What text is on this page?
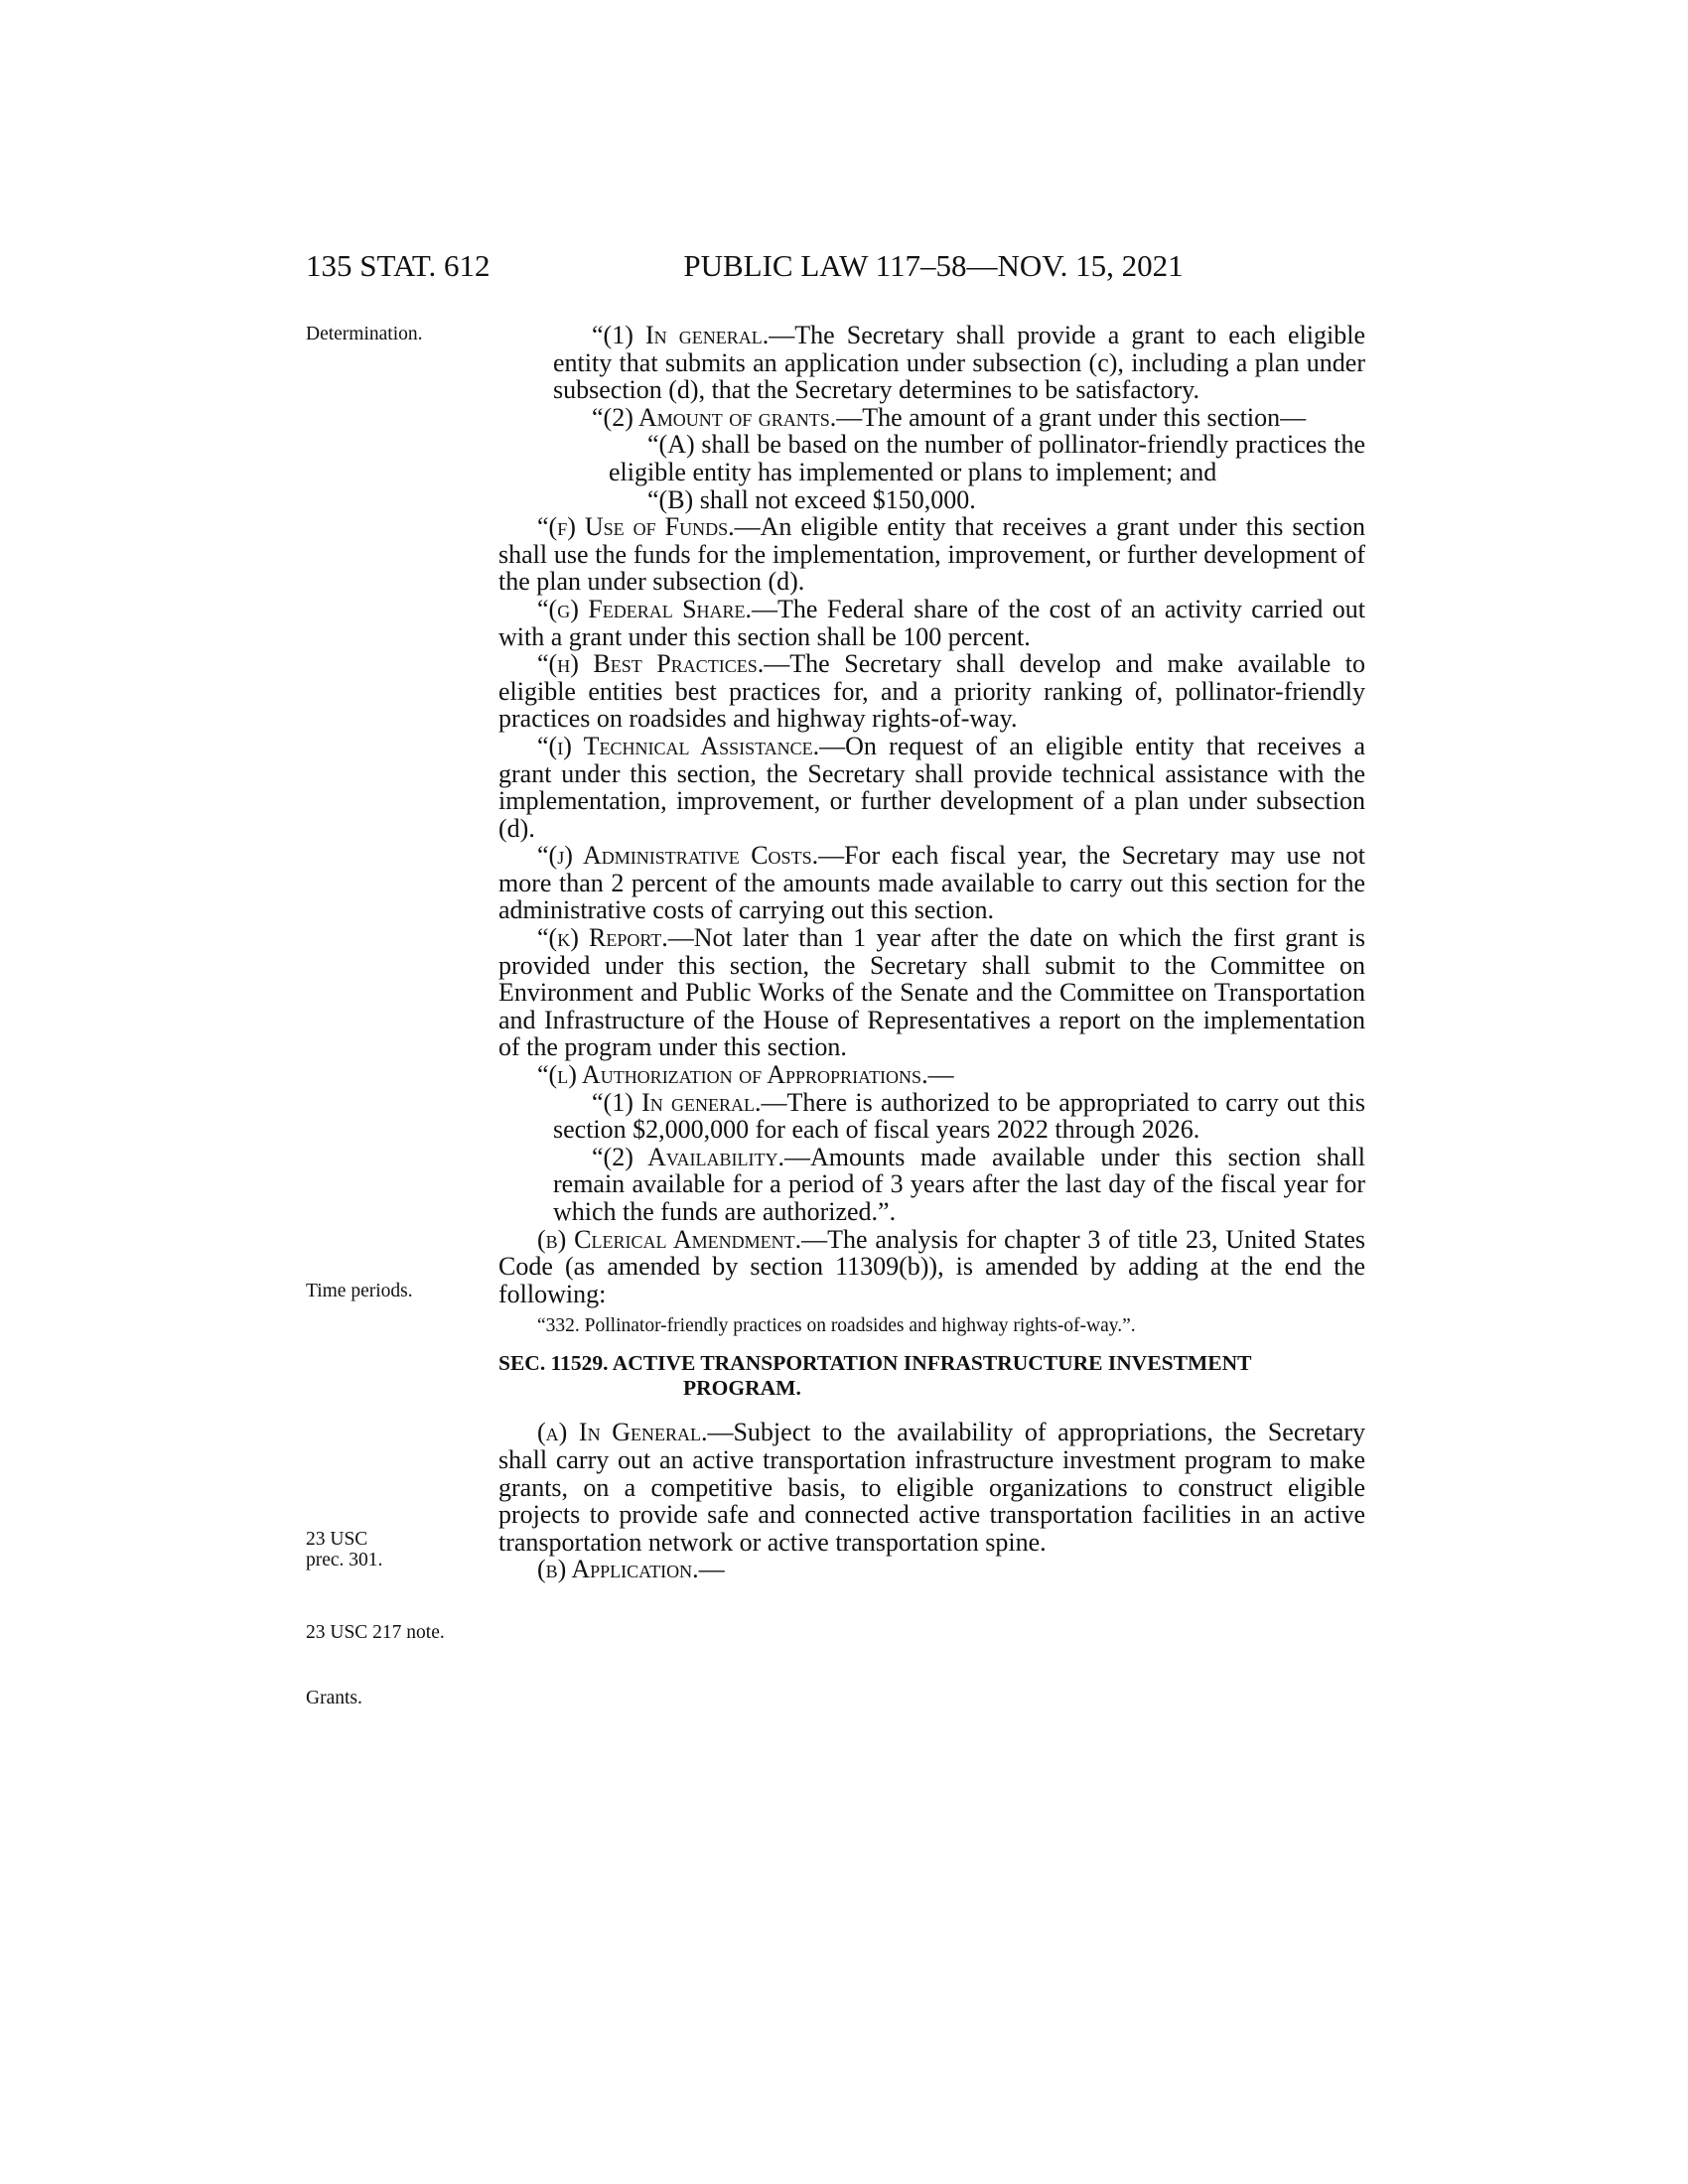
135 STAT. 612	PUBLIC LAW 117–58—NOV. 15, 2021
Determination.
Time periods.
23 USC
prec. 301.
23 USC 217 note.
Grants.

“(1) In general.—The Secretary shall provide a grant to each eligible entity that submits an application under subsection (c), including a plan under subsection (d), that the Secretary determines to be satisfactory.

“(2) Amount of grants.—The amount of a grant under this section—

“(A) shall be based on the number of pollinator-friendly practices the eligible entity has implemented or plans to implement; and

“(B) shall not exceed $150,000.

“(f) Use of Funds.—An eligible entity that receives a grant under this section shall use the funds for the implementation, improvement, or further development of the plan under subsection (d).

“(g) Federal Share.—The Federal share of the cost of an activity carried out with a grant under this section shall be 100 percent.

“(h) Best Practices.—The Secretary shall develop and make available to eligible entities best practices for, and a priority ranking of, pollinator-friendly practices on roadsides and highway rights-of-way.

“(i) Technical Assistance.—On request of an eligible entity that receives a grant under this section, the Secretary shall provide technical assistance with the implementation, improvement, or further development of a plan under subsection (d).

“(j) Administrative Costs.—For each fiscal year, the Secretary may use not more than 2 percent of the amounts made available to carry out this section for the administrative costs of carrying out this section.

“(k) Report.—Not later than 1 year after the date on which the first grant is provided under this section, the Secretary shall submit to the Committee on Environment and Public Works of the Senate and the Committee on Transportation and Infrastructure of the House of Representatives a report on the implementation of the program under this section.

“(l) Authorization of Appropriations.—

“(1) In general.—There is authorized to be appropriated to carry out this section $2,000,000 for each of fiscal years 2022 through 2026.

“(2) Availability.—Amounts made available under this section shall remain available for a period of 3 years after the last day of the fiscal year for which the funds are authorized.”.

(b) Clerical Amendment.—The analysis for chapter 3 of title 23, United States Code (as amended by section 11309(b)), is amended by adding at the end the following:

“332. Pollinator-friendly practices on roadsides and highway rights-of-way.”.

SEC. 11529. ACTIVE TRANSPORTATION INFRASTRUCTURE INVESTMENT
PROGRAM.

(a) In General.—Subject to the availability of appropriations, the Secretary shall carry out an active transportation infrastructure investment program to make grants, on a competitive basis, to eligible organizations to construct eligible projects to provide safe and connected active transportation facilities in an active transportation network or active transportation spine.

(b) Application.—
